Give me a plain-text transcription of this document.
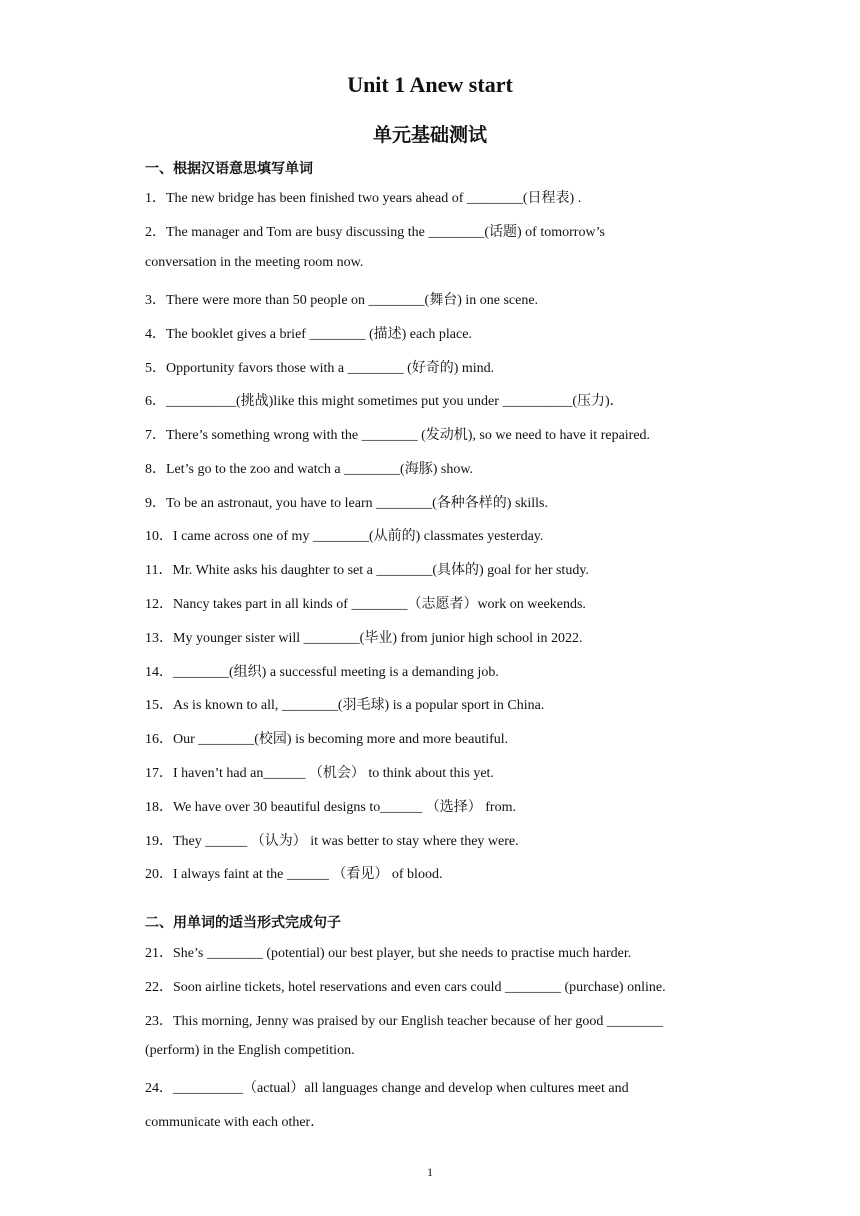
Unit 1 Anew start
单元基础测试
一、根据汉语意思填写单词
1．The new bridge has been finished two years ahead of ________(日程表) .
2．The manager and Tom are busy discussing the ________(话题) of tomorrow’s
conversation in the meeting room now.
3．There were more than 50 people on ________(舞台) in one scene.
4．The booklet gives a brief ________ (描述) each place.
5．Opportunity favors those with a ________ (好奇的) mind.
6．__________(挑战)like this might sometimes put you under __________(压力)．
7．There’s something wrong with the ________ (发动机), so we need to have it repaired.
8．Let’s go to the zoo and watch a ________(海豚) show.
9．To be an astronaut, you have to learn ________(各种各样的) skills.
10．I came across one of my ________(从前的) classmates yesterday.
11．Mr. White asks his daughter to set a ________(具体的) goal for her study.
12．Nancy takes part in all kinds of ________（志愿者）work on weekends.
13．My younger sister will ________(毕业) from junior high school in 2022.
14．________(组织) a successful meeting is a demanding job.
15．As is known to all, ________(羽毛球) is a popular sport in China.
16．Our ________(校园) is becoming more and more beautiful.
17．I haven’t had an______ （机会） to think about this yet.
18．We have over 30 beautiful designs to______ （选择） from.
19．They ______ （认为） it was better to stay where they were.
20．I always faint at the ______ （看见） of blood.
二、用单词的适当形式完成句子
21．She’s ________ (potential) our best player, but she needs to practise much harder.
22．Soon airline tickets, hotel reservations and even cars could ________ (purchase) online.
23．This morning, Jenny was praised by our English teacher because of her good ________
(perform) in the English competition.
24．__________（actual）all languages change and develop when cultures meet and
communicate with each other．
1
